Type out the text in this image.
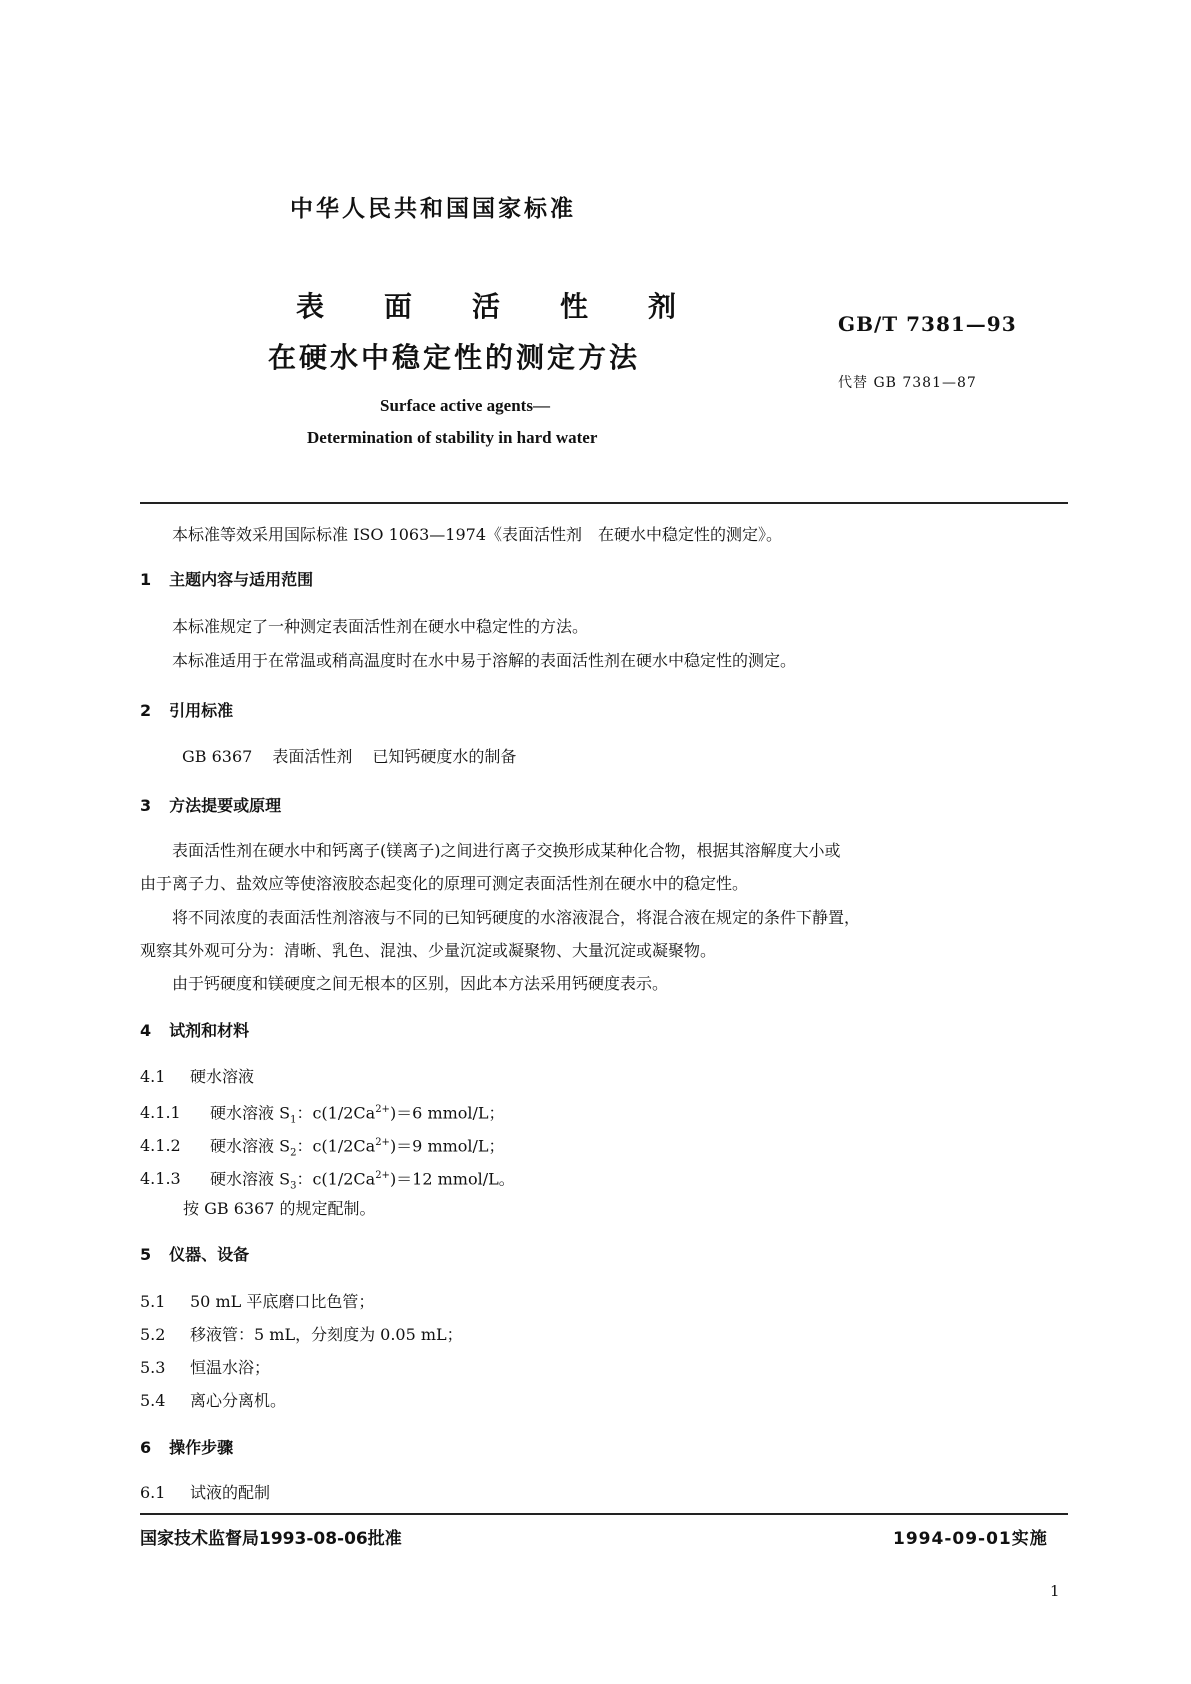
中华人民共和国国家标准
表 面 活 性 剂
在硬水中稳定性的测定方法
GB/T 7381—93
代替 GB 7381—87
Surface active agents—
Determination of stability in hard water
本标准等效采用国际标准 ISO 1063—1974《表面活性剂　在硬水中稳定性的测定》。
1 主题内容与适用范围
本标准规定了一种测定表面活性剂在硬水中稳定性的方法。
本标准适用于在常温或稍高温度时在水中易于溶解的表面活性剂在硬水中稳定性的测定。
2 引用标准
GB 6367 表面活性剂 已知钙硬度水的制备
3 方法提要或原理
表面活性剂在硬水中和钙离子(镁离子)之间进行离子交换形成某种化合物，根据其溶解度大小或
由于离子力、盐效应等使溶液胶态起变化的原理可测定表面活性剂在硬水中的稳定性。
将不同浓度的表面活性剂溶液与不同的已知钙硬度的水溶液混合，将混合液在规定的条件下静置，
观察其外观可分为：清晰、乳色、混浊、少量沉淀或凝聚物、大量沉淀或凝聚物。
由于钙硬度和镁硬度之间无根本的区别，因此本方法采用钙硬度表示。
4 试剂和材料
4.1 硬水溶液
4.1.1 硬水溶液 $S_1$：$c(1/2Ca^{2+})=6$ mmol/L；
4.1.2 硬水溶液 $S_2$：$c(1/2Ca^{2+})=9$ mmol/L；
4.1.3 硬水溶液 $S_3$：$c(1/2Ca^{2+})=12$ mmol/L。
按 GB 6367 的规定配制。
5 仪器、设备
5.1 50 mL 平底磨口比色管；
5.2 移液管：5 mL，分刻度为 0.05 mL；
5.3 恒温水浴；
5.4 离心分离机。
6 操作步骤
6.1 试液的配制
国家技术监督局1993-08-06批准	1994-09-01实施
1
